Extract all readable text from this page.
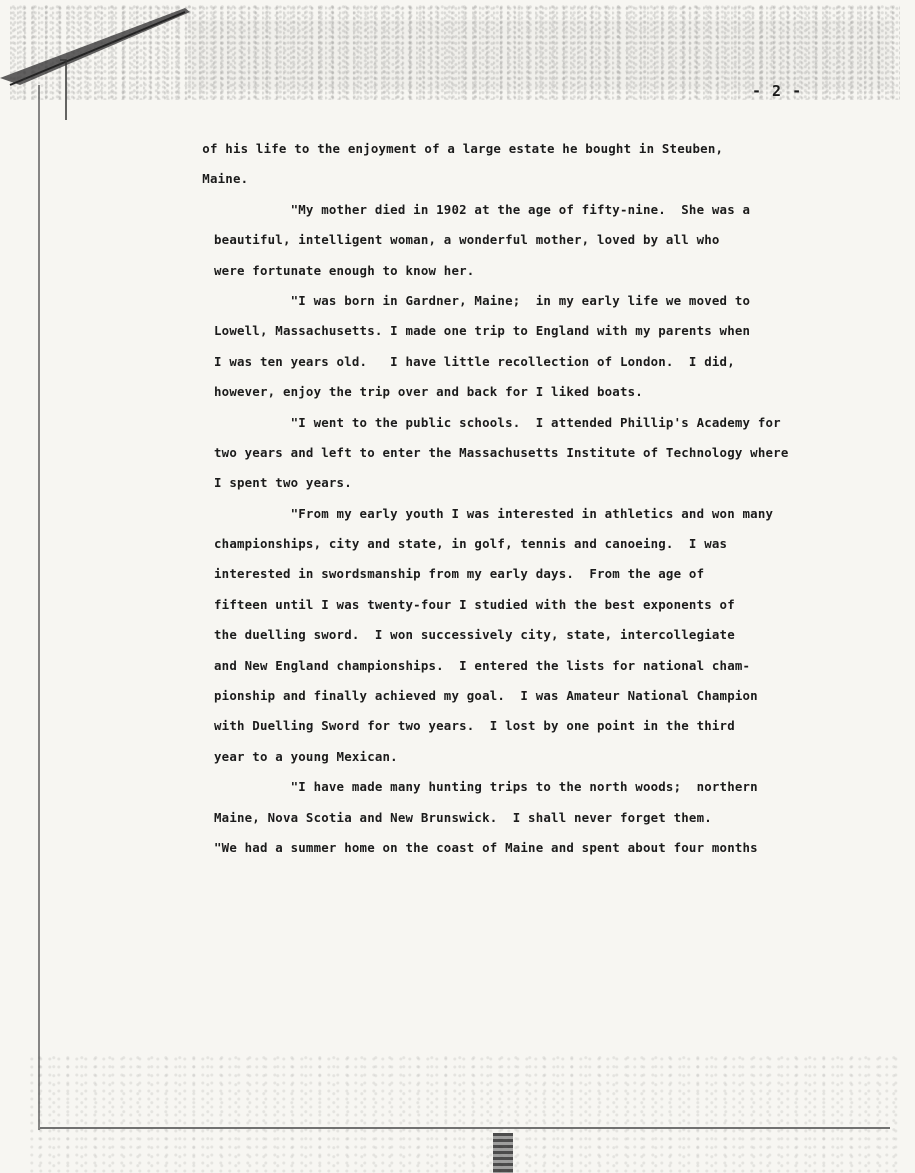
- 2 -
of his life to the enjoyment of a large estate he bought in Steuben,
Maine.
"My mother died in 1902 at the age of fifty-nine.  She was a
beautiful, intelligent woman, a wonderful mother, loved by all who
were fortunate enough to know her.
"I was born in Gardner, Maine;  in my early life we moved to
Lowell, Massachusetts. I made one trip to England with my parents when
I was ten years old.   I have little recollection of London.  I did,
however, enjoy the trip over and back for I liked boats.
"I went to the public schools.  I attended Phillip's Academy for
two years and left to enter the Massachusetts Institute of Technology where
I spent two years.
"From my early youth I was interested in athletics and won many
championships, city and state, in golf, tennis and canoeing.  I was
interested in swordsmanship from my early days.  From the age of
fifteen until I was twenty-four I studied with the best exponents of
the duelling sword.  I won successively city, state, intercollegiate
and New England championships.  I entered the lists for national cham-
pionship and finally achieved my goal.  I was Amateur National Champion
with Duelling Sword for two years.  I lost by one point in the third
year to a young Mexican.
"I have made many hunting trips to the north woods;  northern
Maine, Nova Scotia and New Brunswick.  I shall never forget them.
"We had a summer home on the coast of Maine and spent about four months
